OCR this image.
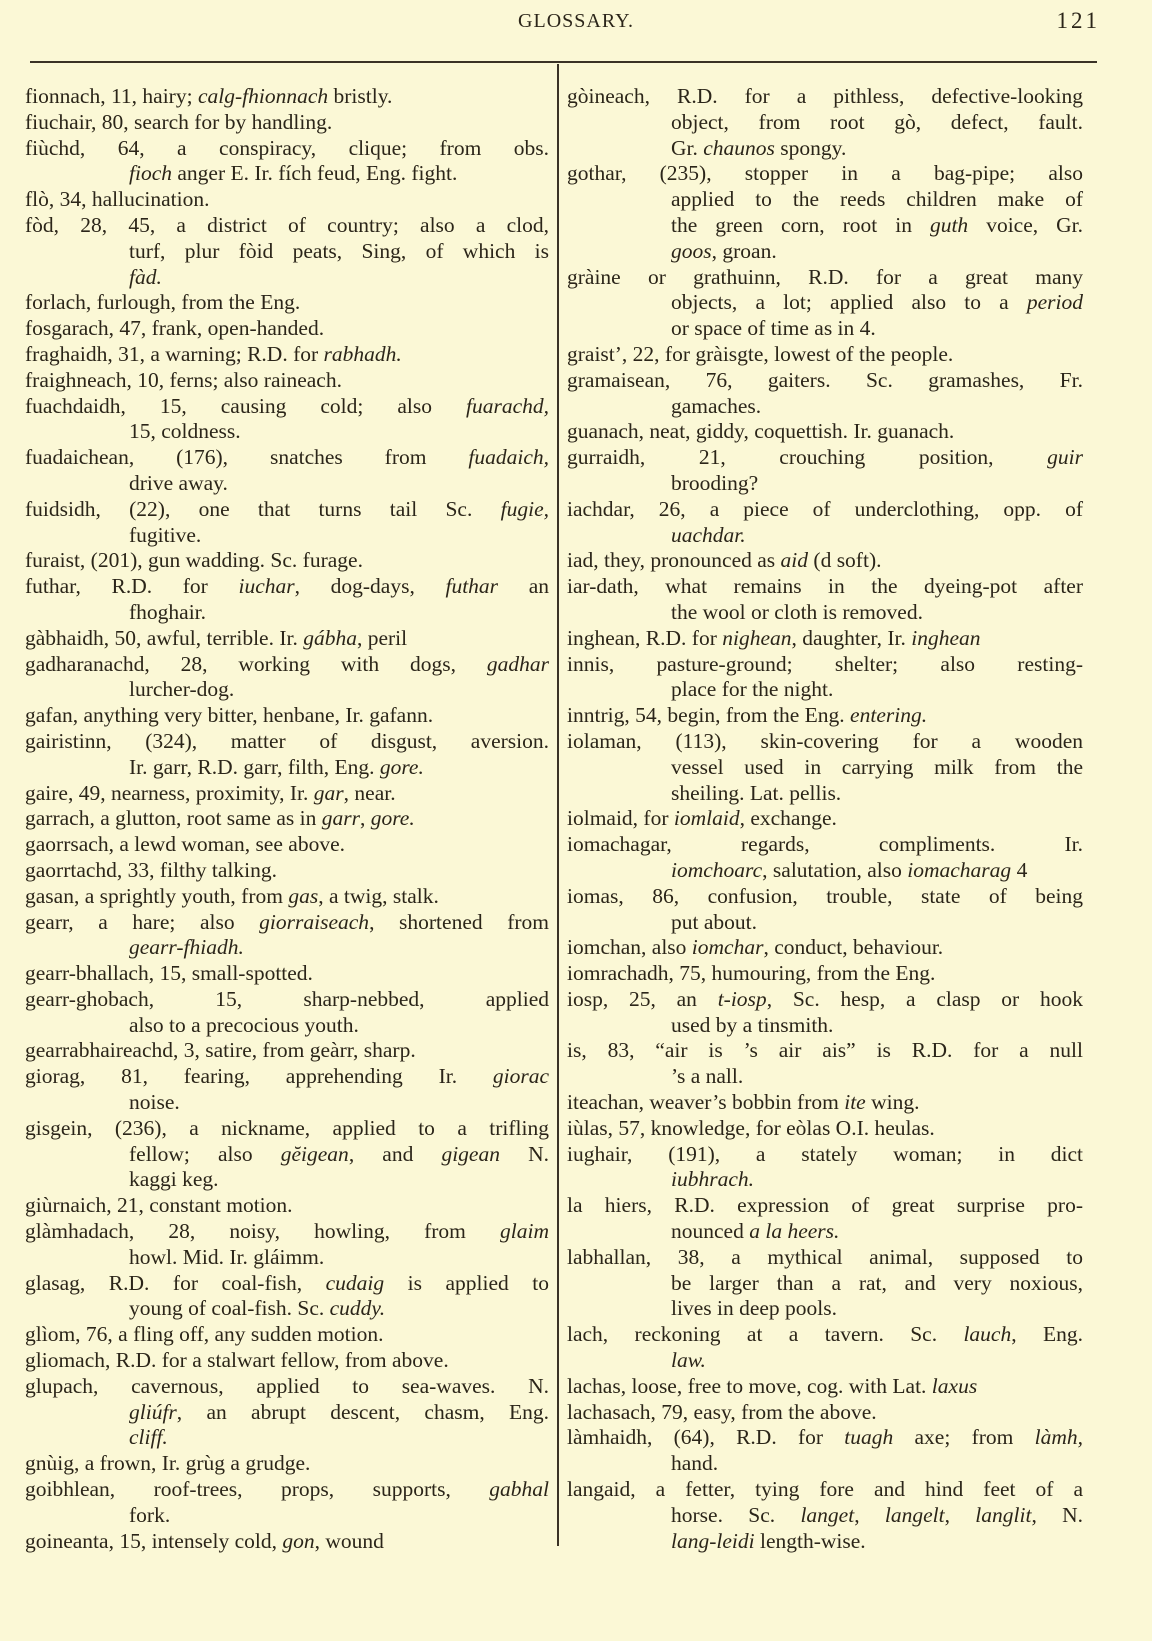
GLOSSARY.	121
fionnach, 11, hairy; calg-fhionnach bristly.
fiuchair, 80, search for by handling.
fiùchd, 64, a conspiracy, clique; from obs.
fioch anger E. Ir. fích feud, Eng. fight.
flò, 34, hallucination.
fòd, 28, 45, a district of country; also a clod,
turf, plur fòid peats, Sing, of which is
fàd.
forlach, furlough, from the Eng.
fosgarach, 47, frank, open-handed.
fraghaidh, 31, a warning; R.D. for rabhadh.
fraighneach, 10, ferns; also raineach.
fuachdaidh, 15, causing cold; also fuarachd,
15, coldness.
fuadaichean, (176), snatches from fuadaich,
drive away.
fuidsidh, (22), one that turns tail Sc. fugie,
fugitive.
furaist, (201), gun wadding. Sc. furage.
futhar, R.D. for iuchar, dog-days, futhar an
fhoghair.
gàbhaidh, 50, awful, terrible. Ir. gábha, peril
gadharanachd, 28, working with dogs, gadhar
lurcher-dog.
gafan, anything very bitter, henbane, Ir. gafann.
gairistinn, (324), matter of disgust, aversion.
Ir. garr, R.D. garr, filth, Eng. gore.
gaire, 49, nearness, proximity, Ir. gar, near.
garrach, a glutton, root same as in garr, gore.
gaorrsach, a lewd woman, see above.
gaorrtachd, 33, filthy talking.
gasan, a sprightly youth, from gas, a twig, stalk.
gearr, a hare; also giorraiseach, shortened from
gearr-fhiadh.
gearr-bhallach, 15, small-spotted.
gearr-ghobach, 15, sharp-nebbed, applied
also to a precocious youth.
gearrabhaireachd, 3, satire, from geàrr, sharp.
giorag, 81, fearing, apprehending Ir. giorac
noise.
gisgein, (236), a nickname, applied to a trifling
fellow; also gĕigean, and gigean N.
kaggi keg.
giùrnaich, 21, constant motion.
glàmhadach, 28, noisy, howling, from glaim
howl. Mid. Ir. gláimm.
glasag, R.D. for coal-fish, cudaig is applied to
young of coal-fish. Sc. cuddy.
glìom, 76, a fling off, any sudden motion.
gliomach, R.D. for a stalwart fellow, from above.
glupach, cavernous, applied to sea-waves. N.
gliúfr, an abrupt descent, chasm, Eng.
cliff.
gnùig, a frown, Ir. grùg a grudge.
goibhlean, roof-trees, props, supports, gabhal
fork.
goineanta, 15, intensely cold, gon, wound
gòineach, R.D. for a pithless, defective-looking
object, from root gò, defect, fault.
Gr. chaunos spongy.
gothar, (235), stopper in a bag-pipe; also
applied to the reeds children make of
the green corn, root in guth voice, Gr.
goos, groan.
gràine or grathuinn, R.D. for a great many
objects, a lot; applied also to a period
or space of time as in 4.
graist’, 22, for gràisgte, lowest of the people.
gramaisean, 76, gaiters. Sc. gramashes, Fr.
gamaches.
guanach, neat, giddy, coquettish. Ir. guanach.
gurraidh, 21, crouching position, guir
brooding?
iachdar, 26, a piece of underclothing, opp. of
uachdar.
iad, they, pronounced as aid (d soft).
iar-dath, what remains in the dyeing-pot after
the wool or cloth is removed.
inghean, R.D. for nighean, daughter, Ir. inghean
innis, pasture-ground; shelter; also resting-
place for the night.
inntrig, 54, begin, from the Eng. entering.
iolaman, (113), skin-covering for a wooden
vessel used in carrying milk from the
sheiling. Lat. pellis.
iolmaid, for iomlaid, exchange.
iomachagar, regards, compliments. Ir.
iomchoarc, salutation, also iomacharag 4
iomas, 86, confusion, trouble, state of being
put about.
iomchan, also iomchar, conduct, behaviour.
iomrachadh, 75, humouring, from the Eng.
iosp, 25, an t-iosp, Sc. hesp, a clasp or hook
used by a tinsmith.
is, 83, “air is ’s air ais” is R.D. for a null
’s a nall.
iteachan, weaver’s bobbin from ite wing.
iùlas, 57, knowledge, for eòlas O.I. heulas.
iughair, (191), a stately woman; in dict
iubhrach.
la hiers, R.D. expression of great surprise pro-
nounced a la heers.
labhallan, 38, a mythical animal, supposed to
be larger than a rat, and very noxious,
lives in deep pools.
lach, reckoning at a tavern. Sc. lauch, Eng.
law.
lachas, loose, free to move, cog. with Lat. laxus
lachasach, 79, easy, from the above.
làmhaidh, (64), R.D. for tuagh axe; from làmh,
hand.
langaid, a fetter, tying fore and hind feet of a
horse. Sc. langet, langelt, langlit, N.
lang-leidi length-wise.
